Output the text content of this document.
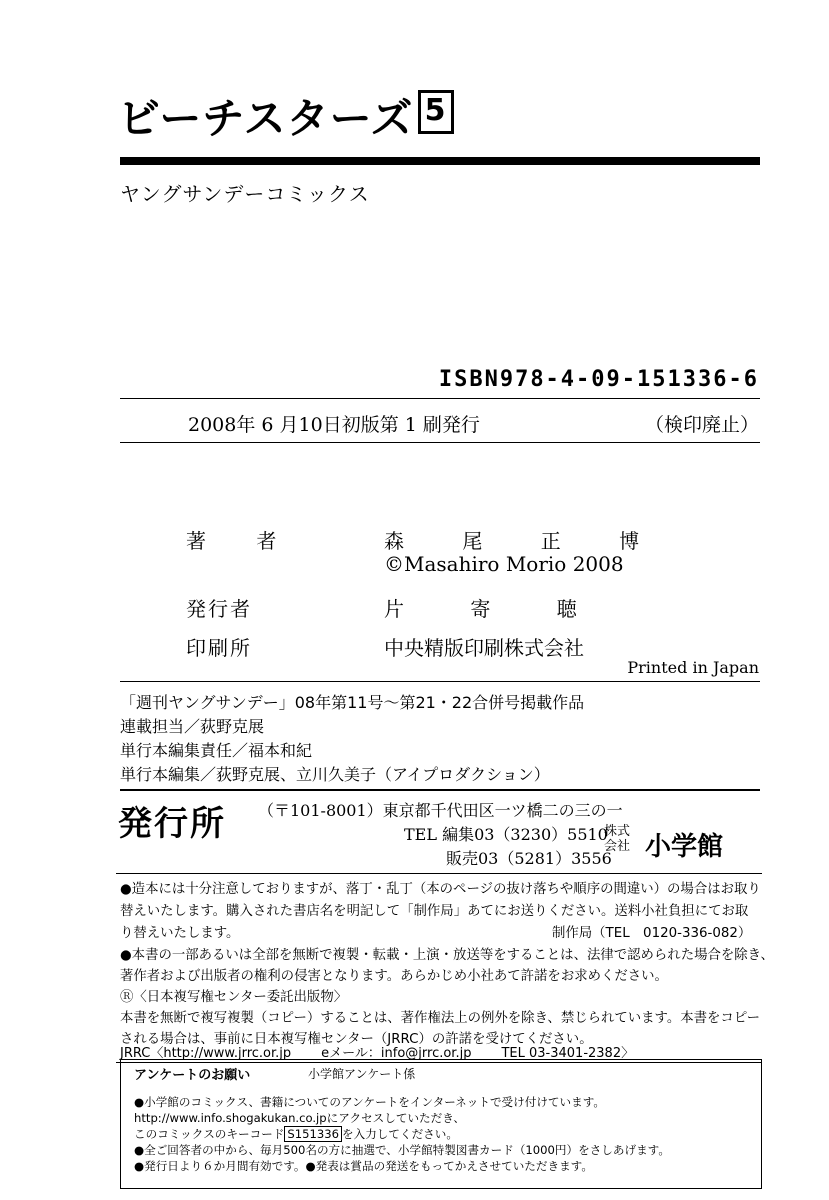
ビーチスターズ 5
ヤングサンデーコミックス
ISBN978-4-09-151336-6
2008年 6 月10日初版第 1 刷発行	（検印廃止）
著 者	森 尾 正 博
©Masahiro Morio 2008
発行者	片 寄 聴
印刷所	中央精版印刷株式会社
Printed in Japan
「週刊ヤングサンデー」08年第11号〜第21・22合併号掲載作品
連載担当／荻野克展
単行本編集責任／福本和紀
単行本編集／荻野克展、立川久美子（アイプロダクション）
発行所 （〒101-8001）東京都千代田区一ツ橋二の三の一
TEL 編集03（3230）5510
販売03（5281）3556
株式会社 小学館
●造本には十分注意しておりますが、落丁・乱丁（本のページの抜け落ちや順序の間違い）の場合はお取り
替えいたします。購入された書店名を明記して「制作局」あてにお送りください。送料小社負担にてお取
り替えいたします。	制作局（TEL　0120-336-082）
●本書の一部あるいは全部を無断で複製・転載・上演・放送等をすることは、法律で認められた場合を除き、
著作者および出版者の権利の侵害となります。あらかじめ小社あて許諾をお求めください。
Ⓡ〈日本複写権センター委託出版物〉
本書を無断で複写複製（コピー）することは、著作権法上の例外を除き、禁じられています。本書をコピー
される場合は、事前に日本複写権センター（JRRC）の許諾を受けてください。
JRRC〈http://www.jrrc.or.jp eメール：info@jrrc.or.jp TEL 03-3401-2382〉
アンケートのお願い	小学館アンケート係
●小学館のコミックス、書籍についてのアンケートをインターネットで受け付けています。
http://www.info.shogakukan.co.jpにアクセスしていただき、
このコミックスのキーコード S151336 を入力してください。
●全ご回答者の中から、毎月500名の方に抽選で、小学館特製図書カード（1000円）をさしあげます。
●発行日より６か月間有効です。●発表は賞品の発送をもってかえさせていただきます。
